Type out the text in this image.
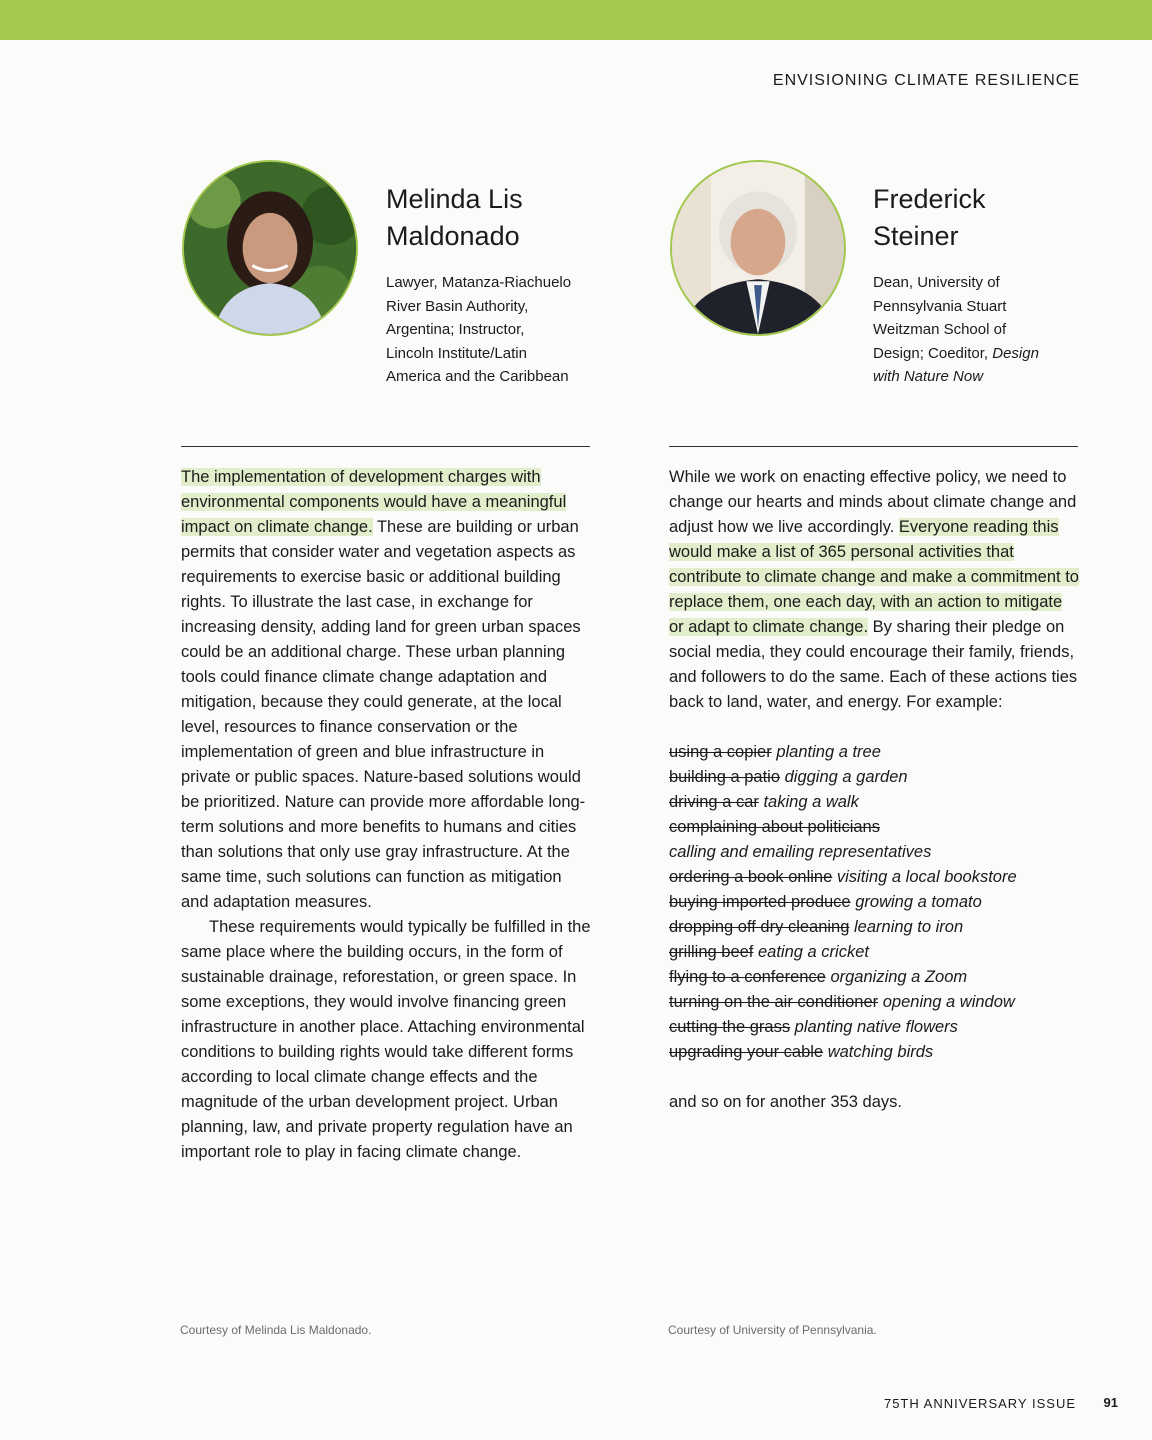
ENVISIONING CLIMATE RESILIENCE
Melinda Lis
Maldonado
Lawyer, Matanza-Riachuelo
River Basin Authority,
Argentina; Instructor,
Lincoln Institute/Latin
America and the Caribbean
Frederick
Steiner
Dean, University of
Pennsylvania Stuart
Weitzman School of
Design; Coeditor, Design
with Nature Now

The implementation of development charges with environmental components would have a meaningful impact on climate change. These are building or urban permits that consider water and vegetation aspects as requirements to exercise basic or additional building rights. To illustrate the last case, in exchange for increasing density, adding land for green urban spaces could be an additional charge. These urban planning tools could finance climate change adaptation and mitigation, because they could generate, at the local level, resources to finance conservation or the implementation of green and blue infrastructure in private or public spaces. Nature-based solutions would be prioritized. Nature can provide more affordable long-term solutions and more benefits to humans and cities than solutions that only use gray infrastructure. At the same time, such solutions can function as mitigation and adaptation measures.

These requirements would typically be fulfilled in the same place where the building occurs, in the form of sustainable drainage, reforestation, or green space. In some exceptions, they would involve financing green infrastructure in another place. Attaching environmental conditions to building rights would take different forms according to local climate change effects and the magnitude of the urban development project. Urban planning, law, and private property regulation have an important role to play in facing climate change.

While we work on enacting effective policy, we need to change our hearts and minds about climate change and adjust how we live accordingly. Everyone reading this would make a list of 365 personal activities that contribute to climate change and make a commitment to replace them, one each day, with an action to mitigate or adapt to climate change. By sharing their pledge on social media, they could encourage their family, friends, and followers to do the same. Each of these actions ties back to land, water, and energy. For example:

using a copier planting a tree
building a patio digging a garden
driving a car taking a walk
complaining about politicians
calling and emailing representatives
ordering a book online visiting a local bookstore
buying imported produce growing a tomato
dropping off dry cleaning learning to iron
grilling beef eating a cricket
flying to a conference organizing a Zoom
turning on the air conditioner opening a window
cutting the grass planting native flowers
upgrading your cable watching birds

and so on for another 353 days.

Courtesy of Melinda Lis Maldonado.	Courtesy of University of Pennsylvania.
75TH ANNIVERSARY ISSUE 91
